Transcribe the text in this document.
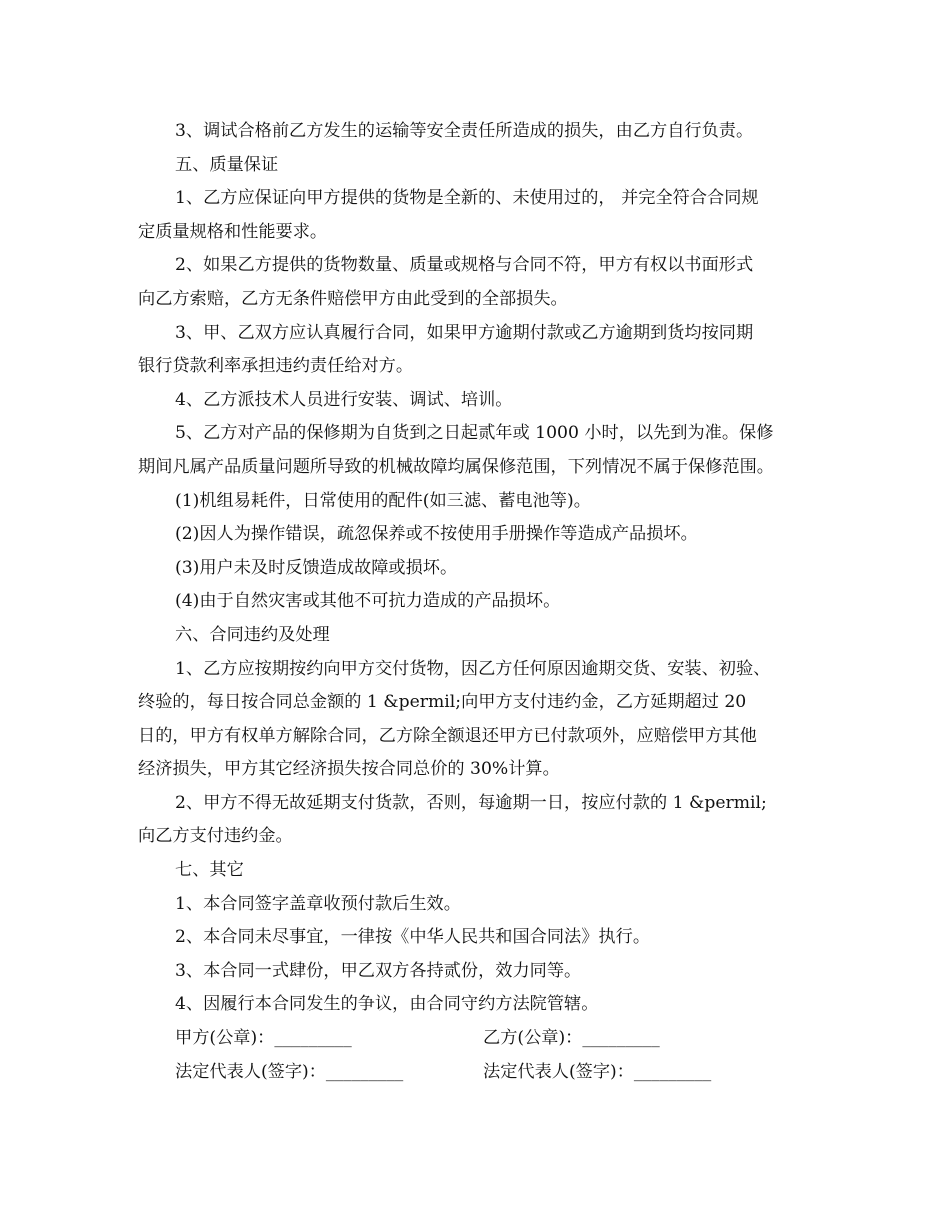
3、调试合格前乙方发生的运输等安全责任所造成的损失，由乙方自行负责。
五、质量保证
1、乙方应保证向甲方提供的货物是全新的、未使用过的， 并完全符合合同规
定质量规格和性能要求。
2、如果乙方提供的货物数量、质量或规格与合同不符，甲方有权以书面形式
向乙方索赔，乙方无条件赔偿甲方由此受到的全部损失。
3、甲、乙双方应认真履行合同，如果甲方逾期付款或乙方逾期到货均按同期
银行贷款利率承担违约责任给对方。
4、乙方派技术人员进行安装、调试、培训。
5、乙方对产品的保修期为自货到之日起贰年或 1000 小时，以先到为准。保修
期间凡属产品质量问题所导致的机械故障均属保修范围，下列情况不属于保修范围。
(1)机组易耗件，日常使用的配件(如三滤、蓄电池等)。
(2)因人为操作错误，疏忽保养或不按使用手册操作等造成产品损坏。
(3)用户未及时反馈造成故障或损坏。
(4)由于自然灾害或其他不可抗力造成的产品损坏。
六、合同违约及处理
1、乙方应按期按约向甲方交付货物，因乙方任何原因逾期交货、安装、初验、
终验的，每日按合同总金额的 1 &permil;向甲方支付违约金，乙方延期超过 20
日的，甲方有权单方解除合同，乙方除全额退还甲方已付款项外，应赔偿甲方其他
经济损失，甲方其它经济损失按合同总价的 30%计算。
2、甲方不得无故延期支付货款，否则，每逾期一日，按应付款的 1 &permil;
向乙方支付违约金。
七、其它
1、本合同签字盖章收预付款后生效。
2、本合同未尽事宜，一律按《中华人民共和国合同法》执行。
3、本合同一式肆份，甲乙双方各持贰份，效力同等。
4、因履行本合同发生的争议，由合同守约方法院管辖。
甲方(公章)：_________	乙方(公章)：_________
法定代表人(签字)：_________	法定代表人(签字)：_________
